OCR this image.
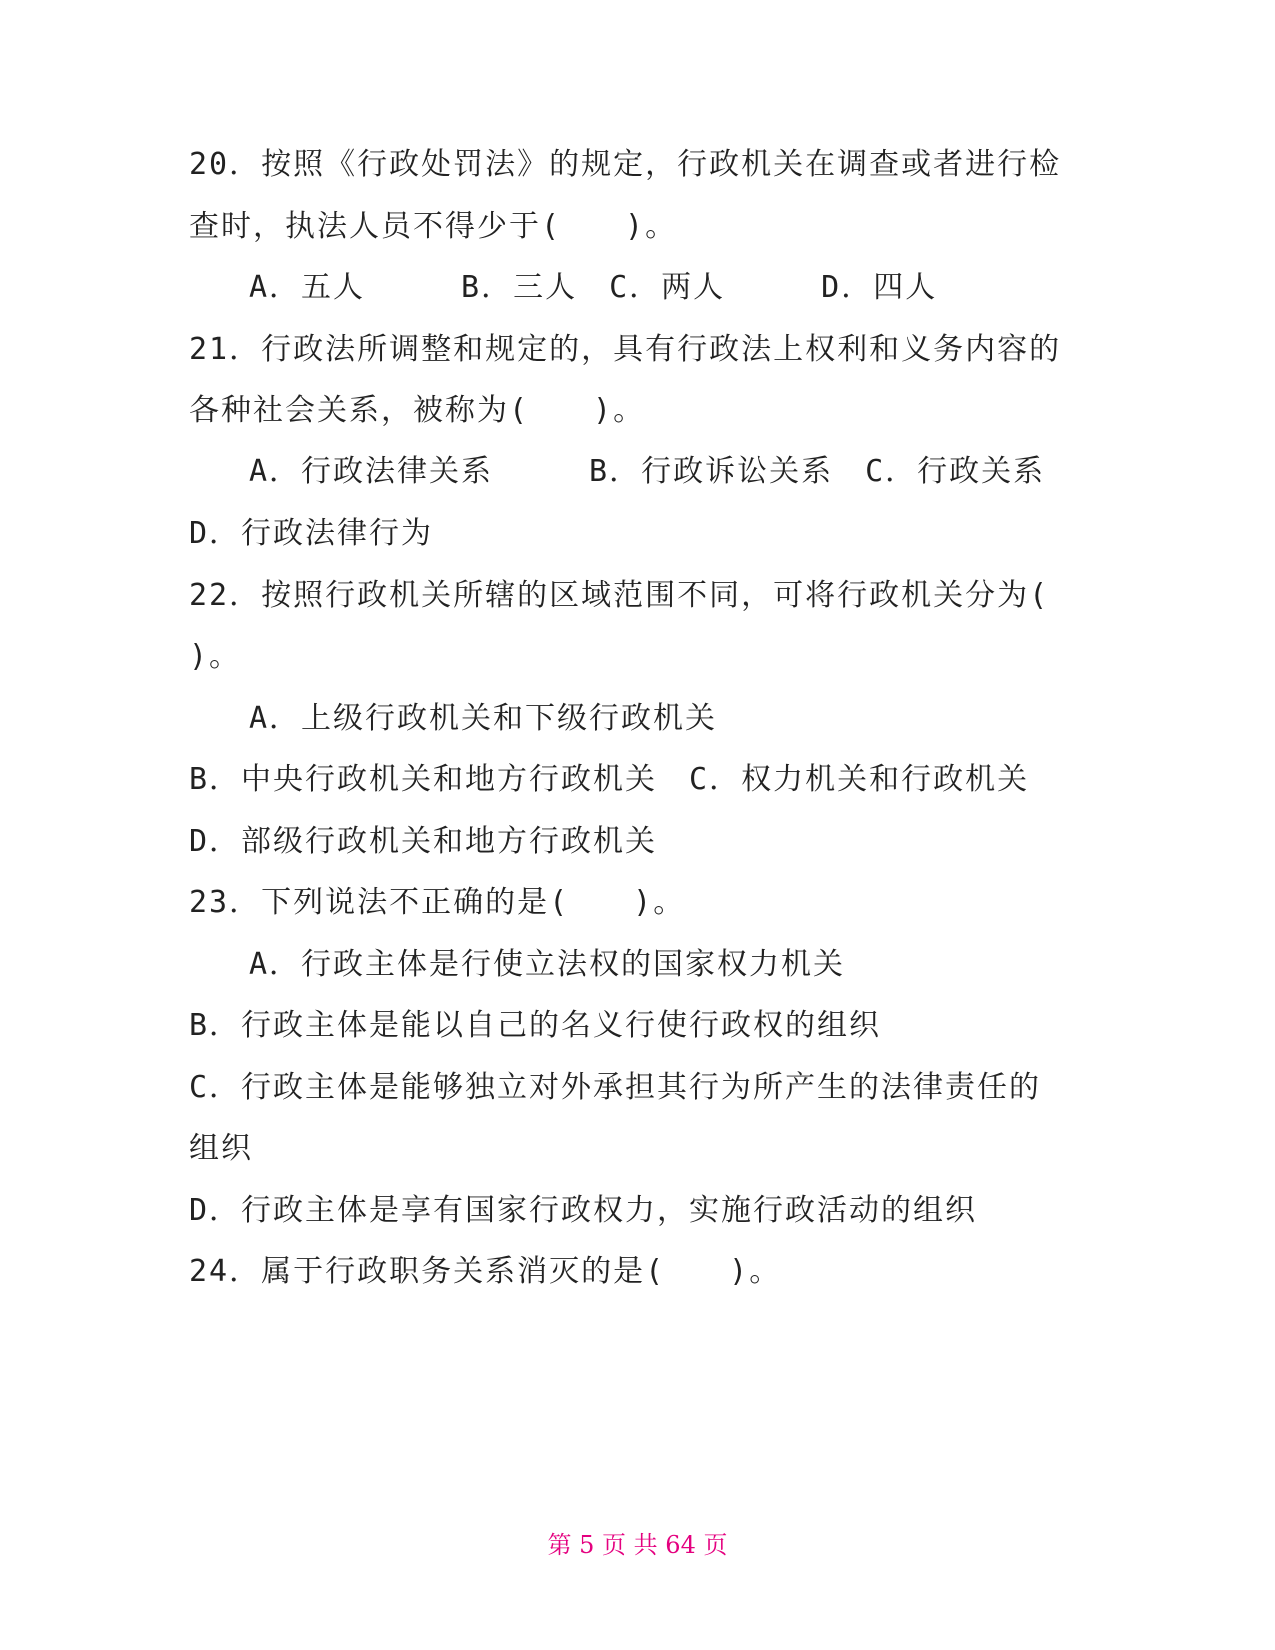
20．按照《行政处罚法》的规定，行政机关在调查或者进行检
查时，执法人员不得少于(　　)。
A．五人　　　B．三人　C．两人　　　D．四人
21．行政法所调整和规定的，具有行政法上权利和义务内容的
各种社会关系，被称为(　　)。
A．行政法律关系　　　B．行政诉讼关系　C．行政关系
D．行政法律行为
22．按照行政机关所辖的区域范围不同，可将行政机关分为(
)。
A．上级行政机关和下级行政机关
B．中央行政机关和地方行政机关　C．权力机关和行政机关
D．部级行政机关和地方行政机关
23．下列说法不正确的是(　　)。
A．行政主体是行使立法权的国家权力机关
B．行政主体是能以自己的名义行使行政权的组织
C．行政主体是能够独立对外承担其行为所产生的法律责任的
组织
D．行政主体是享有国家行政权力，实施行政活动的组织
24．属于行政职务关系消灭的是(　　)。
第 5 页 共 64 页
